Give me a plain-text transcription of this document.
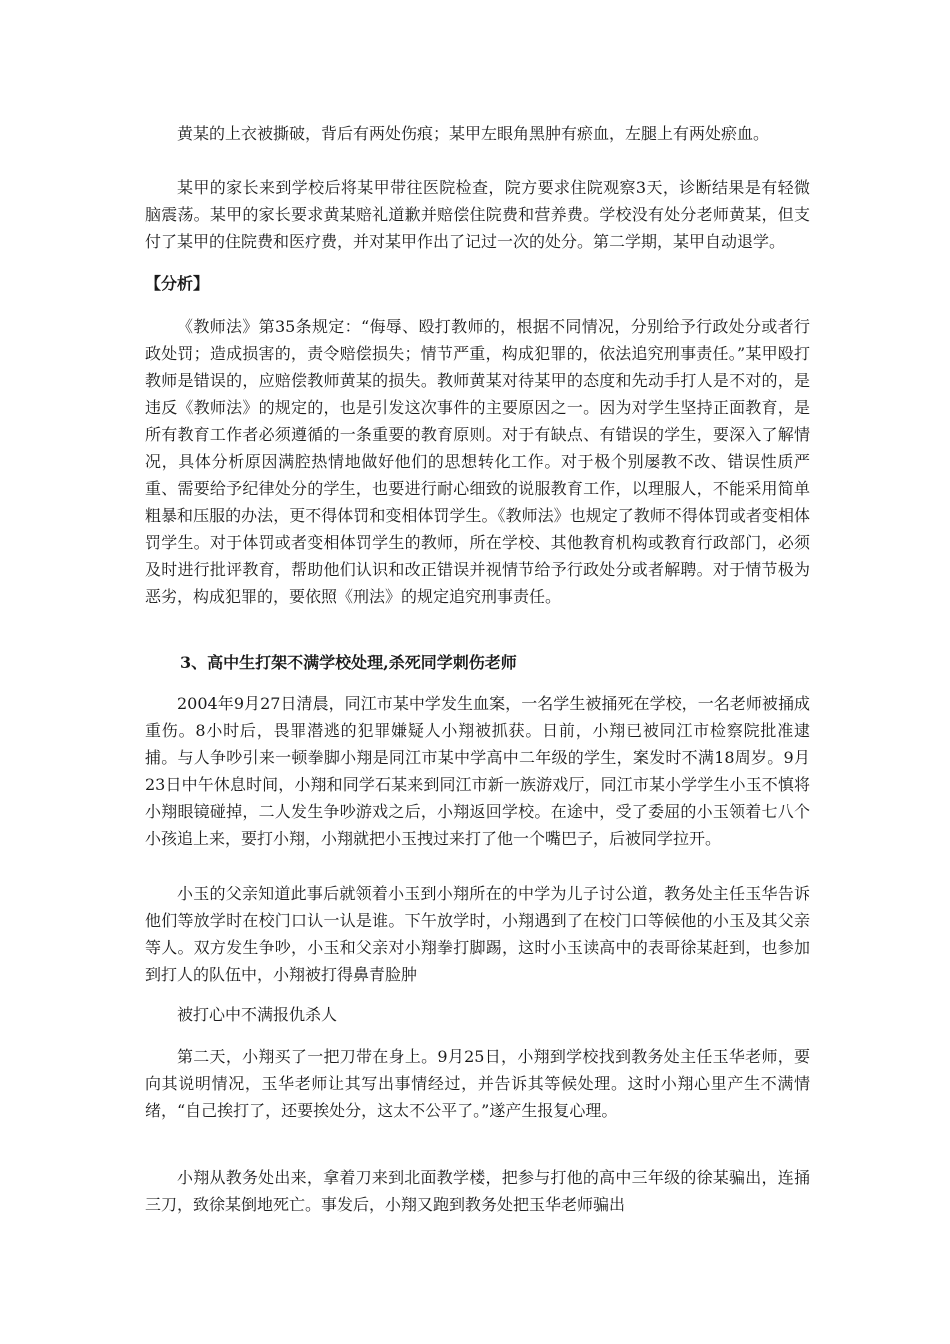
黄某的上衣被撕破，背后有两处伤痕；某甲左眼角黑肿有瘀血，左腿上有两处瘀血。

某甲的家长来到学校后将某甲带往医院检查，院方要求住院观察3天，诊断结果是有轻微脑震荡。某甲的家长要求黄某赔礼道歉并赔偿住院费和营养费。学校没有处分老师黄某，但支付了某甲的住院费和医疗费，并对某甲作出了记过一次的处分。第二学期，某甲自动退学。

【分析】

《教师法》第35条规定：“侮辱、殴打教师的，根据不同情况，分别给予行政处分或者行政处罚；造成损害的，责令赔偿损失；情节严重，构成犯罪的，依法追究刑事责任。”某甲殴打教师是错误的，应赔偿教师黄某的损失。教师黄某对待某甲的态度和先动手打人是不对的，是违反《教师法》的规定的，也是引发这次事件的主要原因之一。因为对学生坚持正面教育，是所有教育工作者必须遵循的一条重要的教育原则。对于有缺点、有错误的学生，要深入了解情况，具体分析原因满腔热情地做好他们的思想转化工作。对于极个别屡教不改、错误性质严重、需要给予纪律处分的学生，也要进行耐心细致的说服教育工作，以理服人，不能采用简单粗暴和压服的办法，更不得体罚和变相体罚学生。《教师法》也规定了教师不得体罚或者变相体罚学生。对于体罚或者变相体罚学生的教师，所在学校、其他教育机构或教育行政部门，必须及时进行批评教育，帮助他们认识和改正错误并视情节给予行政处分或者解聘。对于情节极为恶劣，构成犯罪的，要依照《刑法》的规定追究刑事责任。

3、高中生打架不满学校处理,杀死同学刺伤老师

2004年9月27日清晨，同江市某中学发生血案，一名学生被捅死在学校，一名老师被捅成重伤。8小时后，畏罪潜逃的犯罪嫌疑人小翔被抓获。日前，小翔已被同江市检察院批准逮捕。与人争吵引来一顿拳脚小翔是同江市某中学高中二年级的学生，案发时不满18周岁。9月23日中午休息时间，小翔和同学石某来到同江市新一族游戏厅，同江市某小学学生小玉不慎将小翔眼镜碰掉，二人发生争吵游戏之后，小翔返回学校。在途中，受了委屈的小玉领着七八个小孩追上来，要打小翔，小翔就把小玉拽过来打了他一个嘴巴子，后被同学拉开。

小玉的父亲知道此事后就领着小玉到小翔所在的中学为儿子讨公道，教务处主任玉华告诉他们等放学时在校门口认一认是谁。下午放学时，小翔遇到了在校门口等候他的小玉及其父亲等人。双方发生争吵，小玉和父亲对小翔拳打脚踢，这时小玉读高中的表哥徐某赶到，也参加到打人的队伍中，小翔被打得鼻青脸肿

被打心中不满报仇杀人

第二天，小翔买了一把刀带在身上。9月25日，小翔到学校找到教务处主任玉华老师，要向其说明情况，玉华老师让其写出事情经过，并告诉其等候处理。这时小翔心里产生不满情绪，“自己挨打了，还要挨处分，这太不公平了。”遂产生报复心理。

小翔从教务处出来，拿着刀来到北面教学楼，把参与打他的高中三年级的徐某骗出，连捅三刀，致徐某倒地死亡。事发后，小翔又跑到教务处把玉华老师骗出
